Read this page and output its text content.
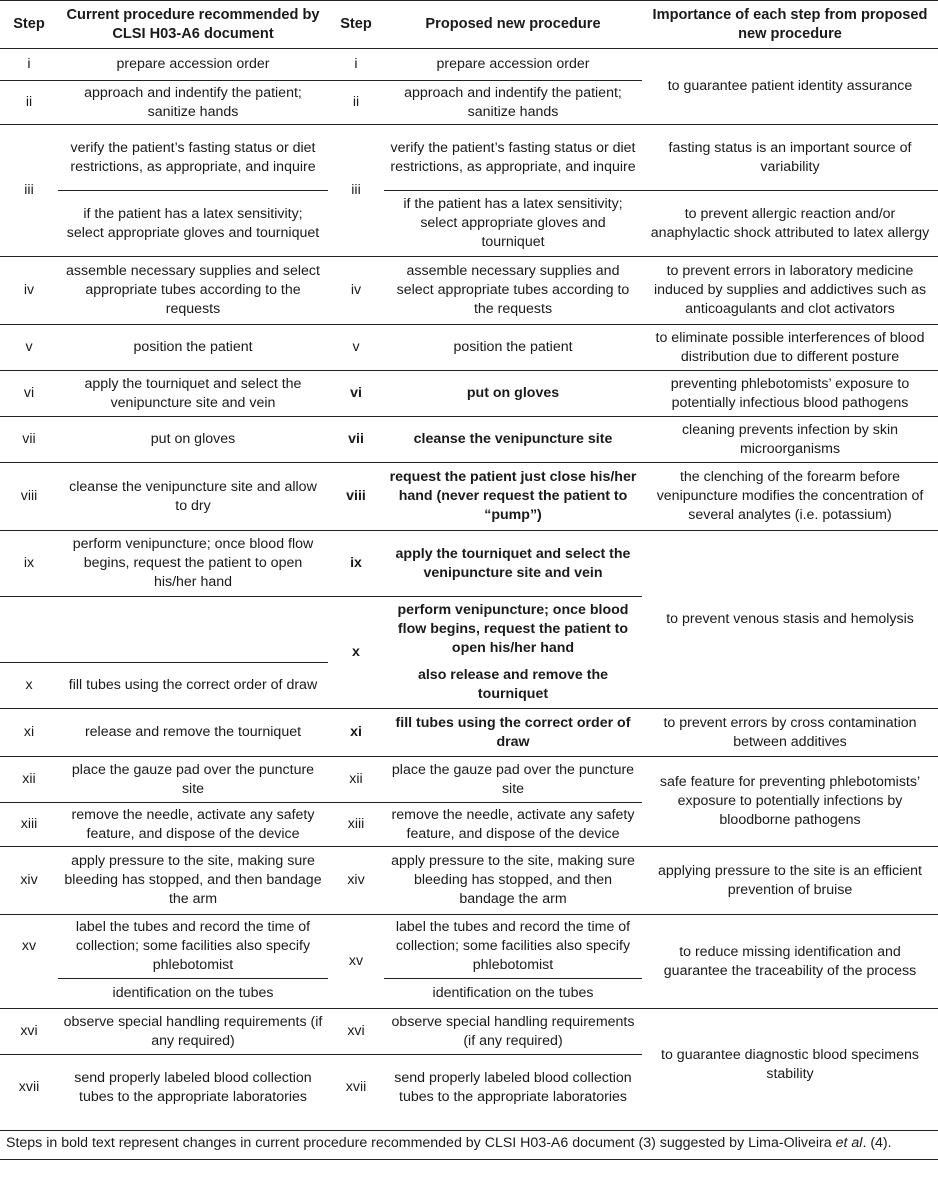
Step	Current procedure recommended by CLSI H03-A6 document	Step	Proposed new procedure	Importance of each step from proposed new procedure
i	prepare accession order	i	prepare accession order	to guarantee patient identity assurance
ii	approach and indentify the patient; sanitize hands	ii	approach and indentify the patient; sanitize hands	
iii	verify the patient’s fasting status or diet restrictions, as appropriate, and inquire	iii	verify the patient’s fasting status or diet restrictions, as appropriate, and inquire	fasting status is an important source of variability
	if the patient has a latex sensitivity; select appropriate gloves and tourniquet		if the patient has a latex sensitivity; select appropriate gloves and tourniquet	to prevent allergic reaction and/or anaphylactic shock attributed to latex allergy
iv	assemble necessary supplies and select appropriate tubes according to the requests	iv	assemble necessary supplies and select appropriate tubes according to the requests	to prevent errors in laboratory medicine induced by supplies and addictives such as anticoagulants and clot activators
v	position the patient	v	position the patient	to eliminate possible interferences of blood distribution due to different posture
vi	apply the tourniquet and select the venipuncture site and vein	vi	put on gloves	preventing phlebotomists’ exposure to potentially infectious blood pathogens
vii	put on gloves	vii	cleanse the venipuncture site	cleaning prevents infection by skin microorganisms
viii	cleanse the venipuncture site and allow to dry	viii	request the patient just close his/her hand (never request the patient to “pump”)	the clenching of the forearm before venipuncture modifies the concentration of several analytes (i.e. potassium)
ix	perform venipuncture; once blood flow begins, request the patient to open his/her hand	ix	apply the tourniquet and select the venipuncture site and vein	to prevent venous stasis and hemolysis
		x	perform venipuncture; once blood flow begins, request the patient to open his/her hand	
x	fill tubes using the correct order of draw		also release and remove the tourniquet	
xi	release and remove the tourniquet	xi	fill tubes using the correct order of draw	to prevent errors by cross contamination between additives
xii	place the gauze pad over the puncture site	xii	place the gauze pad over the puncture site	safe feature for preventing phlebotomists’ exposure to potentially infections by bloodborne pathogens
xiii	remove the needle, activate any safety feature, and dispose of the device	xiii	remove the needle, activate any safety feature, and dispose of the device	
xiv	apply pressure to the site, making sure bleeding has stopped, and then bandage the arm	xiv	apply pressure to the site, making sure bleeding has stopped, and then bandage the arm	applying pressure to the site is an efficient prevention of bruise
xv	label the tubes and record the time of collection; some facilities also specify phlebotomist	xv	label the tubes and record the time of collection; some facilities also specify phlebotomist	to reduce missing identification and guarantee the traceability of the process
	identification on the tubes		identification on the tubes	
xvi	observe special handling requirements (if any required)	xvi	observe special handling requirements (if any required)	to guarantee diagnostic blood specimens stability
xvii	send properly labeled blood collection tubes to the appropriate laboratories	xvii	send properly labeled blood collection tubes to the appropriate laboratories	
Steps in bold text represent changes in current procedure recommended by CLSI H03-A6 document (3) suggested by Lima-Oliveira et al. (4).
